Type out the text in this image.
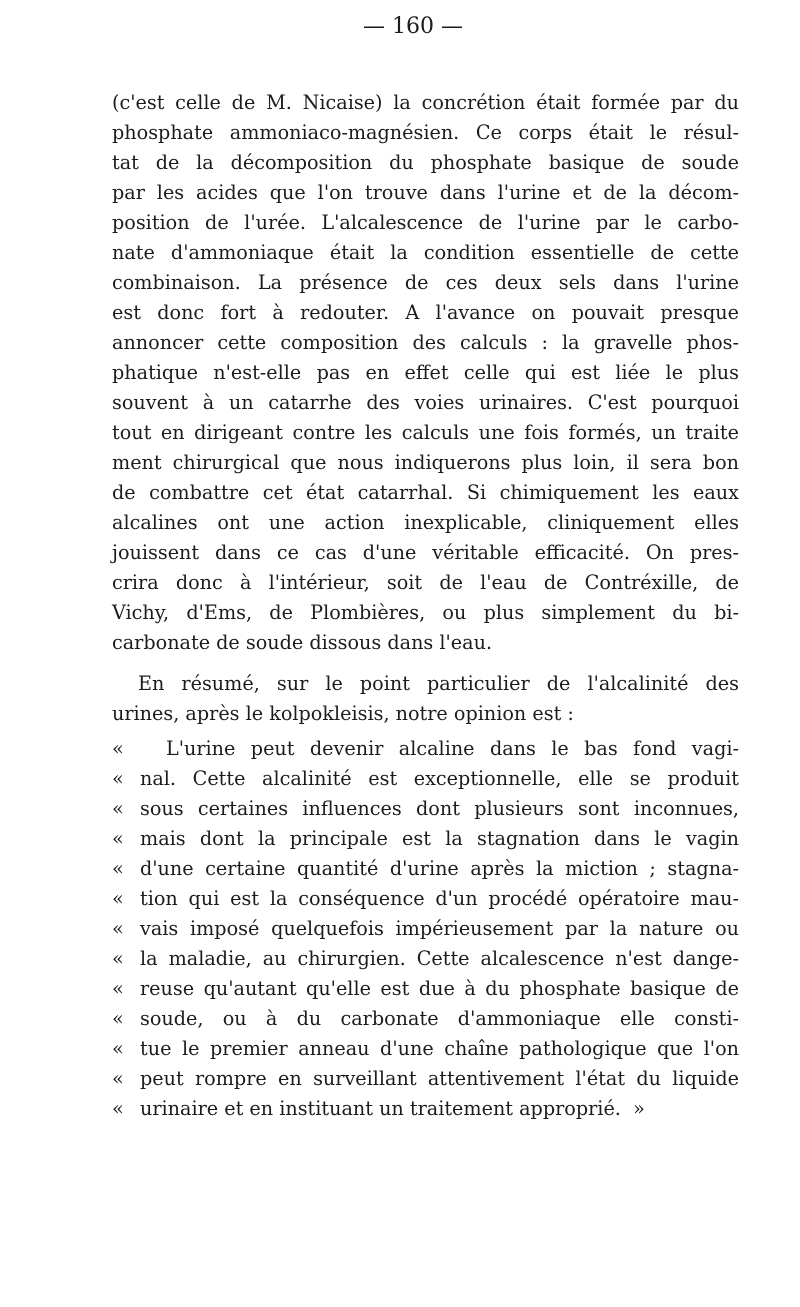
— 160 —
(c'est celle de M. Nicaise) la concrétion était formée par du
phosphate ammoniaco-magnésien. Ce corps était le résul-
tat de la décomposition du phosphate basique de soude
par les acides que l'on trouve dans l'urine et de la décom-
position de l'urée. L'alcalescence de l'urine par le carbo-
nate d'ammoniaque était la condition essentielle de cette
combinaison. La présence de ces deux sels dans l'urine
est donc fort à redouter. A l'avance on pouvait presque
annoncer cette composition des calculs : la gravelle phos-
phatique n'est-elle pas en effet celle qui est liée le plus
souvent à un catarrhe des voies urinaires. C'est pourquoi
tout en dirigeant contre les calculs une fois formés, un traite
ment chirurgical que nous indiquerons plus loin, il sera bon
de combattre cet état catarrhal. Si chimiquement les eaux
alcalines ont une action inexplicable, cliniquement elles
jouissent dans ce cas d'une véritable efficacité. On pres-
crira donc à l'intérieur, soit de l'eau de Contréxille, de
Vichy, d'Ems, de Plombières, ou plus simplement du bi-
carbonate de soude dissous dans l'eau.
En résumé, sur le point particulier de l'alcalinité des
urines, après le kolpokleisis, notre opinion est :
« L'urine peut devenir alcaline dans le bas fond vagi-
« nal. Cette alcalinité est exceptionnelle, elle se produit
« sous certaines influences dont plusieurs sont inconnues,
« mais dont la principale est la stagnation dans le vagin
« d'une certaine quantité d'urine après la miction ; stagna-
« tion qui est la conséquence d'un procédé opératoire mau-
« vais imposé quelquefois impérieusement par la nature ou
« la maladie, au chirurgien. Cette alcalescence n'est dange-
« reuse qu'autant qu'elle est due à du phosphate basique de
« soude, ou à du carbonate d'ammoniaque elle consti-
« tue le premier anneau d'une chaîne pathologique que l'on
« peut rompre en surveillant attentivement l'état du liquide
« urinaire et en instituant un traitement approprié. »
